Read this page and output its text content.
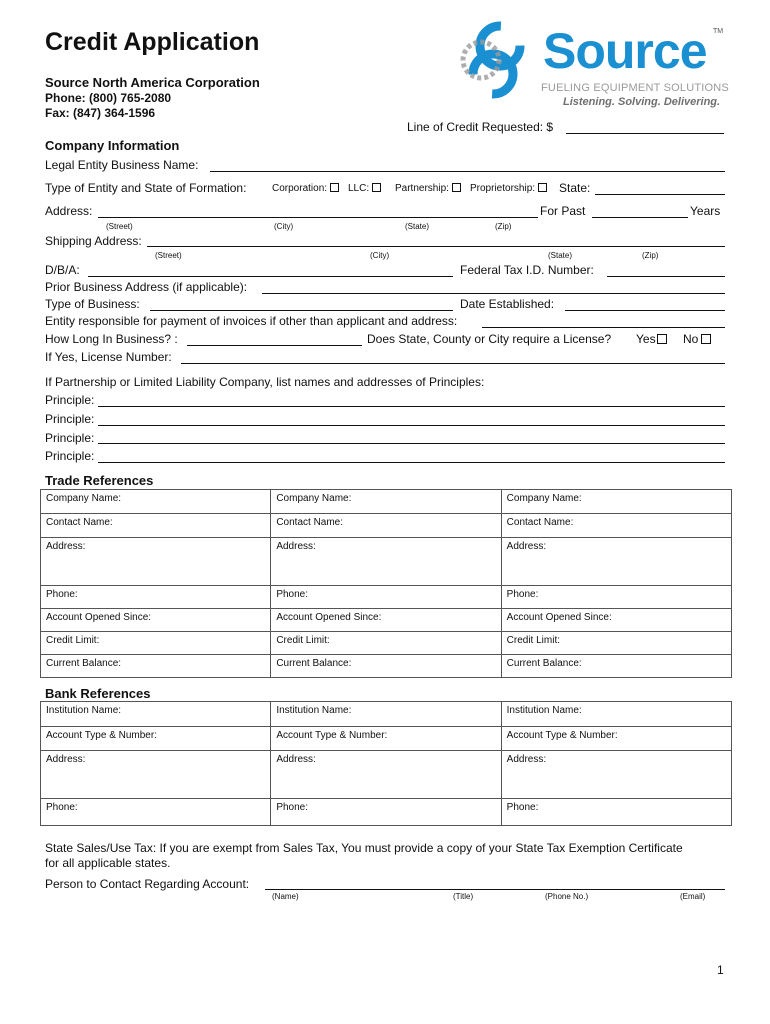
Credit Application
Source North America Corporation
Phone: (800) 765-2080
Fax: (847) 364-1596
Source TM
FUELING EQUIPMENT SOLUTIONS
Listening. Solving. Delivering.
Line of Credit Requested: $
Company Information
Legal Entity Business Name:
Type of Entity and State of Formation:	Corporation:	LLC:	Partnership:	Proprietorship:	State:
Address:	For Past	Years
(Street)	(City)	(State)	(Zip)
Shipping Address:
(Street)	(City)	(State)	(Zip)
D/B/A:	Federal Tax I.D. Number:
Prior Business Address (if applicable):
Type of Business:	Date Established:
Entity responsible for payment of invoices if other than applicant and address:
How Long In Business? :	Does State, County or City require a License? Yes	No
If Yes, License Number:
If Partnership or Limited Liability Company, list names and addresses of Principles:
Principle:
Principle:
Principle:
Principle:
Trade References
Company Name:	Company Name:	Company Name:
Contact Name:	Contact Name:	Contact Name:
Address:	Address:	Address:
Phone:	Phone:	Phone:
Account Opened Since:	Account Opened Since:	Account Opened Since:
Credit Limit:	Credit Limit:	Credit Limit:
Current Balance:	Current Balance:	Current Balance:
Bank References
Institution Name:	Institution Name:	Institution Name:
Account Type & Number:	Account Type & Number:	Account Type & Number:
Address:	Address:	Address:
Phone:	Phone:	Phone:
State Sales/Use Tax: If you are exempt from Sales Tax, You must provide a copy of your State Tax Exemption Certificate
for all applicable states.
Person to Contact Regarding Account:
(Name)	(Title)	(Phone No.)	(Email)
1
